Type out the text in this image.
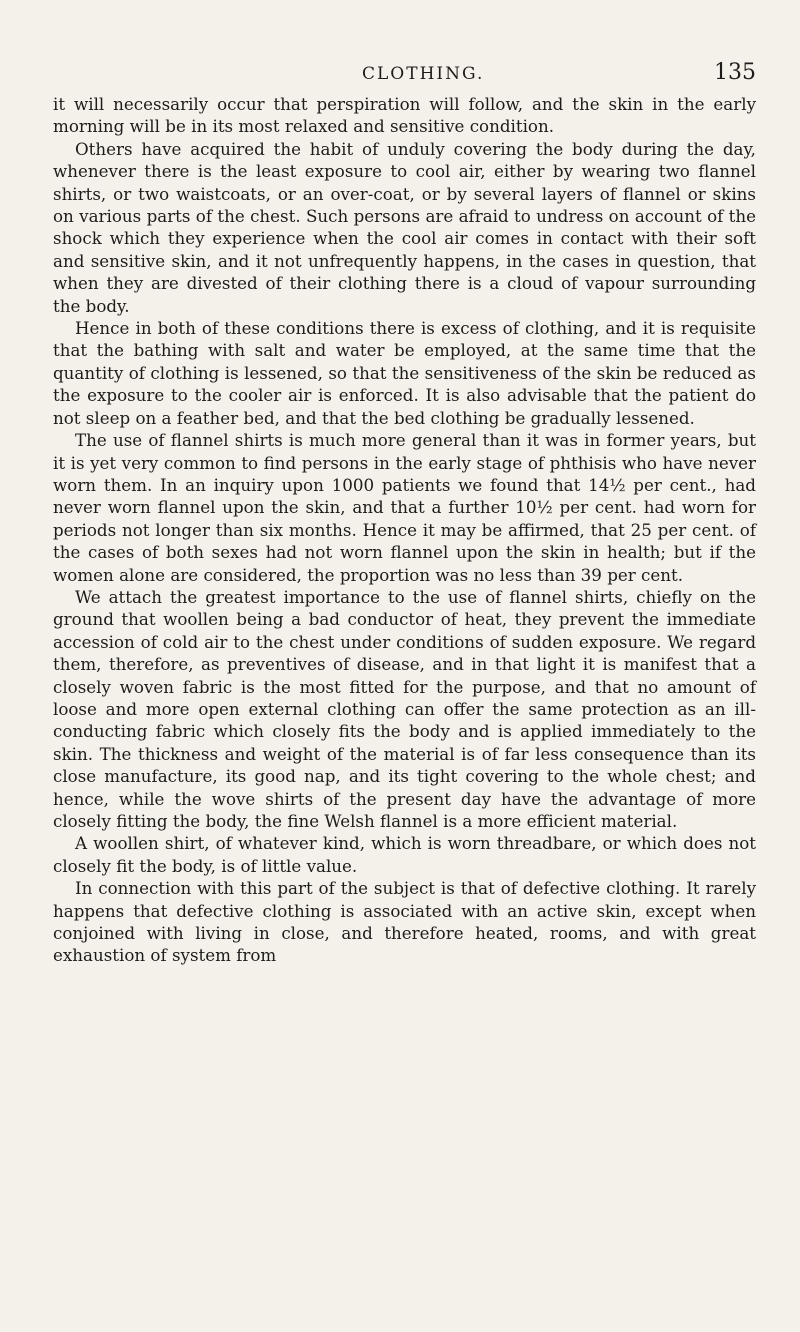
CLOTHING.	135

it will necessarily occur that perspiration will follow, and the skin in the early morning will be in its most relaxed and sensitive condition.

Others have acquired the habit of unduly covering the body during the day, whenever there is the least exposure to cool air, either by wearing two flannel shirts, or two waistcoats, or an over-coat, or by several layers of flannel or skins on various parts of the chest. Such persons are afraid to undress on account of the shock which they experience when the cool air comes in contact with their soft and sensitive skin, and it not unfrequently happens, in the cases in question, that when they are divested of their clothing there is a cloud of vapour surrounding the body.

Hence in both of these conditions there is excess of clothing, and it is requisite that the bathing with salt and water be employed, at the same time that the quantity of clothing is lessened, so that the sensitiveness of the skin be reduced as the exposure to the cooler air is enforced. It is also advisable that the patient do not sleep on a feather bed, and that the bed clothing be gradually lessened.

The use of flannel shirts is much more general than it was in former years, but it is yet very common to find persons in the early stage of phthisis who have never worn them. In an inquiry upon 1000 patients we found that 14½ per cent., had never worn flannel upon the skin, and that a further 10½ per cent. had worn for periods not longer than six months. Hence it may be affirmed, that 25 per cent. of the cases of both sexes had not worn flannel upon the skin in health; but if the women alone are considered, the proportion was no less than 39 per cent.

We attach the greatest importance to the use of flannel shirts, chiefly on the ground that woollen being a bad conductor of heat, they prevent the immediate accession of cold air to the chest under conditions of sudden exposure. We regard them, therefore, as preventives of disease, and in that light it is manifest that a closely woven fabric is the most fitted for the purpose, and that no amount of loose and more open external clothing can offer the same protection as an ill-conducting fabric which closely fits the body and is applied immediately to the skin. The thickness and weight of the material is of far less consequence than its close manufacture, its good nap, and its tight covering to the whole chest; and hence, while the wove shirts of the present day have the advantage of more closely fitting the body, the fine Welsh flannel is a more efficient material.

A woollen shirt, of whatever kind, which is worn threadbare, or which does not closely fit the body, is of little value.

In connection with this part of the subject is that of defective clothing. It rarely happens that defective clothing is associated with an active skin, except when conjoined with living in close, and therefore heated, rooms, and with great exhaustion of system from
